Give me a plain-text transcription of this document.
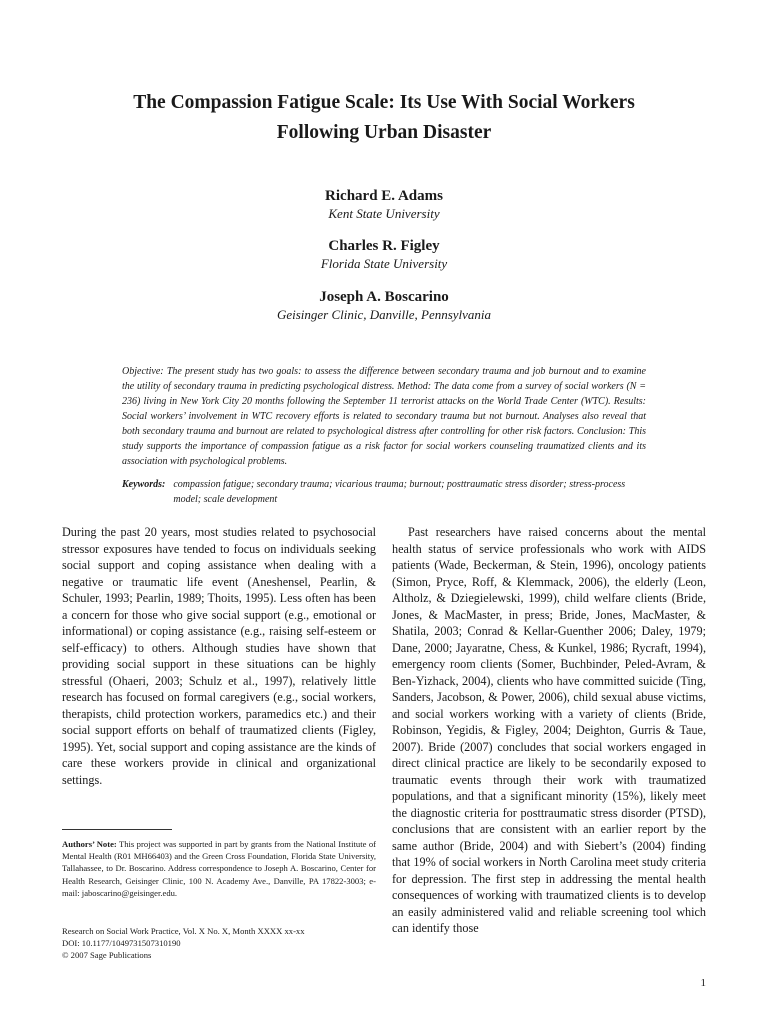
The Compassion Fatigue Scale: Its Use With Social Workers
Following Urban Disaster
Richard E. Adams
Kent State University
Charles R. Figley
Florida State University
Joseph A. Boscarino
Geisinger Clinic, Danville, Pennsylvania

Objective: The present study has two goals: to assess the difference between secondary trauma and job burnout and to examine the utility of secondary trauma in predicting psychological distress. Method: The data come from a survey of social workers (N = 236) living in New York City 20 months following the September 11 terrorist attacks on the World Trade Center (WTC). Results: Social workers’ involvement in WTC recovery efforts is related to secondary trauma but not burnout. Analyses also reveal that both secondary trauma and burnout are related to psychological distress after controlling for other risk factors. Conclusion: This study supports the importance of compassion fatigue as a risk factor for social workers counseling traumatized clients and its association with psychological problems.

Keywords: compassion fatigue; secondary trauma; vicarious trauma; burnout; posttraumatic stress disorder; stress-process model; scale development

During the past 20 years, most studies related to psychosocial stressor exposures have tended to focus on individuals seeking social support and coping assistance when dealing with a negative or traumatic life event (Aneshensel, Pearlin, & Schuler, 1993; Pearlin, 1989; Thoits, 1995). Less often has been a concern for those who give social support (e.g., emotional or informational) or coping assistance (e.g., raising self-esteem or self-efficacy) to others. Although studies have shown that providing social support in these situations can be highly stressful (Ohaeri, 2003; Schulz et al., 1997), relatively little research has focused on formal caregivers (e.g., social workers, therapists, child protection workers, paramedics etc.) and their social support efforts on behalf of traumatized clients (Figley, 1995). Yet, social support and coping assistance are the kinds of care these workers provide in clinical and organizational settings.

Past researchers have raised concerns about the mental health status of service professionals who work with AIDS patients (Wade, Beckerman, & Stein, 1996), oncology patients (Simon, Pryce, Roff, & Klemmack, 2006), the elderly (Leon, Altholz, & Dziegielewski, 1999), child welfare clients (Bride, Jones, & MacMaster, in press; Bride, Jones, MacMaster, & Shatila, 2003; Conrad & Kellar-Guenther 2006; Daley, 1979; Dane, 2000; Jayaratne, Chess, & Kunkel, 1986; Rycraft, 1994), emergency room clients (Somer, Buchbinder, Peled-Avram, & Ben-Yizhack, 2004), clients who have committed suicide (Ting, Sanders, Jacobson, & Power, 2006), child sexual abuse victims, and social workers working with a variety of clients (Bride, Robinson, Yegidis, & Figley, 2004; Deighton, Gurris & Taue, 2007). Bride (2007) concludes that social workers engaged in direct clinical practice are likely to be secondarily exposed to traumatic events through their work with traumatized populations, and that a significant minority (15%), likely meet the diagnostic criteria for posttraumatic stress disorder (PTSD), conclusions that are consistent with an earlier report by the same author (Bride, 2004) and with Siebert’s (2004) finding that 19% of social workers in North Carolina meet study criteria for depression. The first step in addressing the mental health consequences of working with traumatized clients is to develop an easily administered valid and reliable screening tool which can identify those

Authors’ Note: This project was supported in part by grants from the National Institute of Mental Health (R01 MH66403) and the Green Cross Foundation, Florida State University, Tallahassee, to Dr. Boscarino. Address correspondence to Joseph A. Boscarino, Center for Health Research, Geisinger Clinic, 100 N. Academy Ave., Danville, PA 17822-3003; e-mail: jaboscarino@geisinger.edu.

Research on Social Work Practice, Vol. X No. X, Month XXXX xx-xx
DOI: 10.1177/1049731507310190
© 2007 Sage Publications
1
